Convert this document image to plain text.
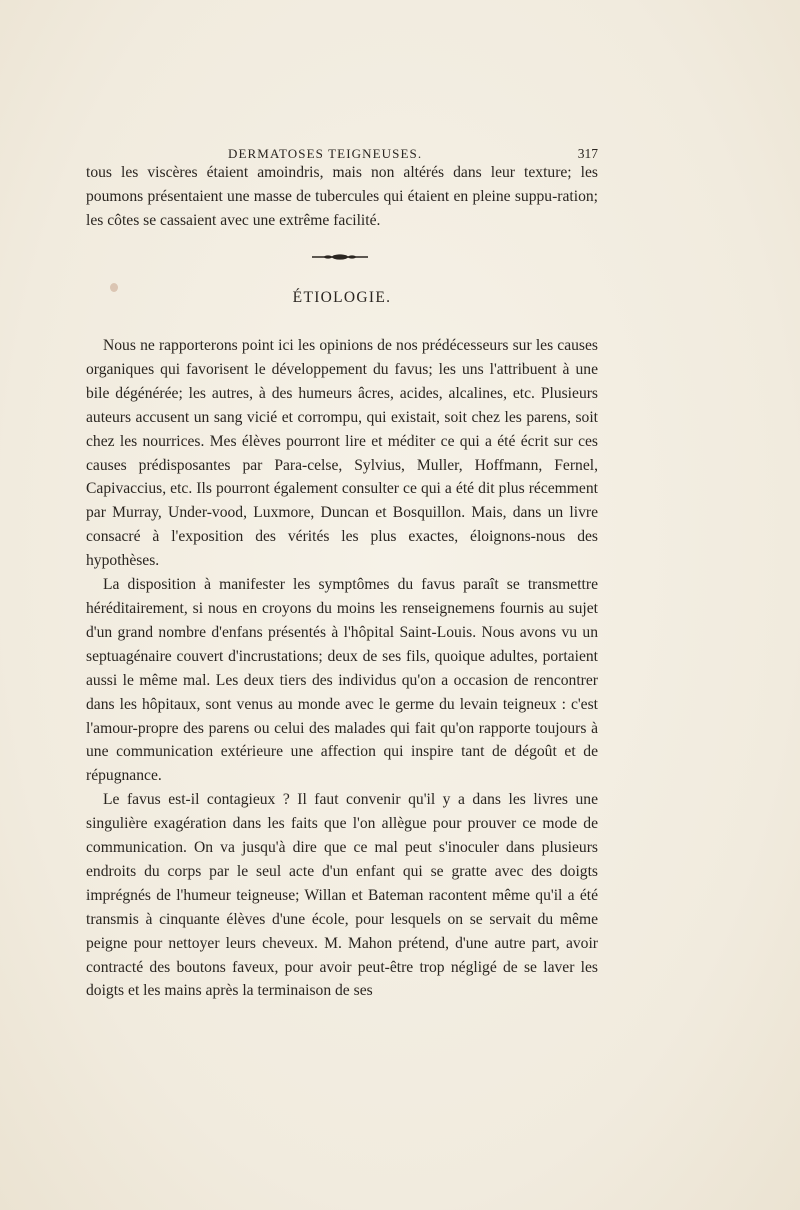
DERMATOSES TEIGNEUSES.	317

tous les viscères étaient amoindris, mais non altérés dans leur texture; les poumons présentaient une masse de tubercules qui étaient en pleine suppu-ration; les côtes se cassaient avec une extrême facilité.

ÉTIOLOGIE.

Nous ne rapporterons point ici les opinions de nos prédécesseurs sur les causes organiques qui favorisent le développement du favus; les uns l'attribuent à une bile dégénérée; les autres, à des humeurs âcres, acides, alcalines, etc. Plusieurs auteurs accusent un sang vicié et corrompu, qui existait, soit chez les parens, soit chez les nourrices. Mes élèves pourront lire et méditer ce qui a été écrit sur ces causes prédisposantes par Para-celse, Sylvius, Muller, Hoffmann, Fernel, Capivaccius, etc. Ils pourront également consulter ce qui a été dit plus récemment par Murray, Under-vood, Luxmore, Duncan et Bosquillon. Mais, dans un livre consacré à l'exposition des vérités les plus exactes, éloignons-nous des hypothèses.

La disposition à manifester les symptômes du favus paraît se transmettre héréditairement, si nous en croyons du moins les renseignemens fournis au sujet d'un grand nombre d'enfans présentés à l'hôpital Saint-Louis. Nous avons vu un septuagénaire couvert d'incrustations; deux de ses fils, quoique adultes, portaient aussi le même mal. Les deux tiers des individus qu'on a occasion de rencontrer dans les hôpitaux, sont venus au monde avec le germe du levain teigneux : c'est l'amour-propre des parens ou celui des malades qui fait qu'on rapporte toujours à une communication extérieure une affection qui inspire tant de dégoût et de répugnance.

Le favus est-il contagieux ? Il faut convenir qu'il y a dans les livres une singulière exagération dans les faits que l'on allègue pour prouver ce mode de communication. On va jusqu'à dire que ce mal peut s'inoculer dans plusieurs endroits du corps par le seul acte d'un enfant qui se gratte avec des doigts imprégnés de l'humeur teigneuse; Willan et Bateman racontent même qu'il a été transmis à cinquante élèves d'une école, pour lesquels on se servait du même peigne pour nettoyer leurs cheveux. M. Mahon prétend, d'une autre part, avoir contracté des boutons faveux, pour avoir peut-être trop négligé de se laver les doigts et les mains après la terminaison de ses
